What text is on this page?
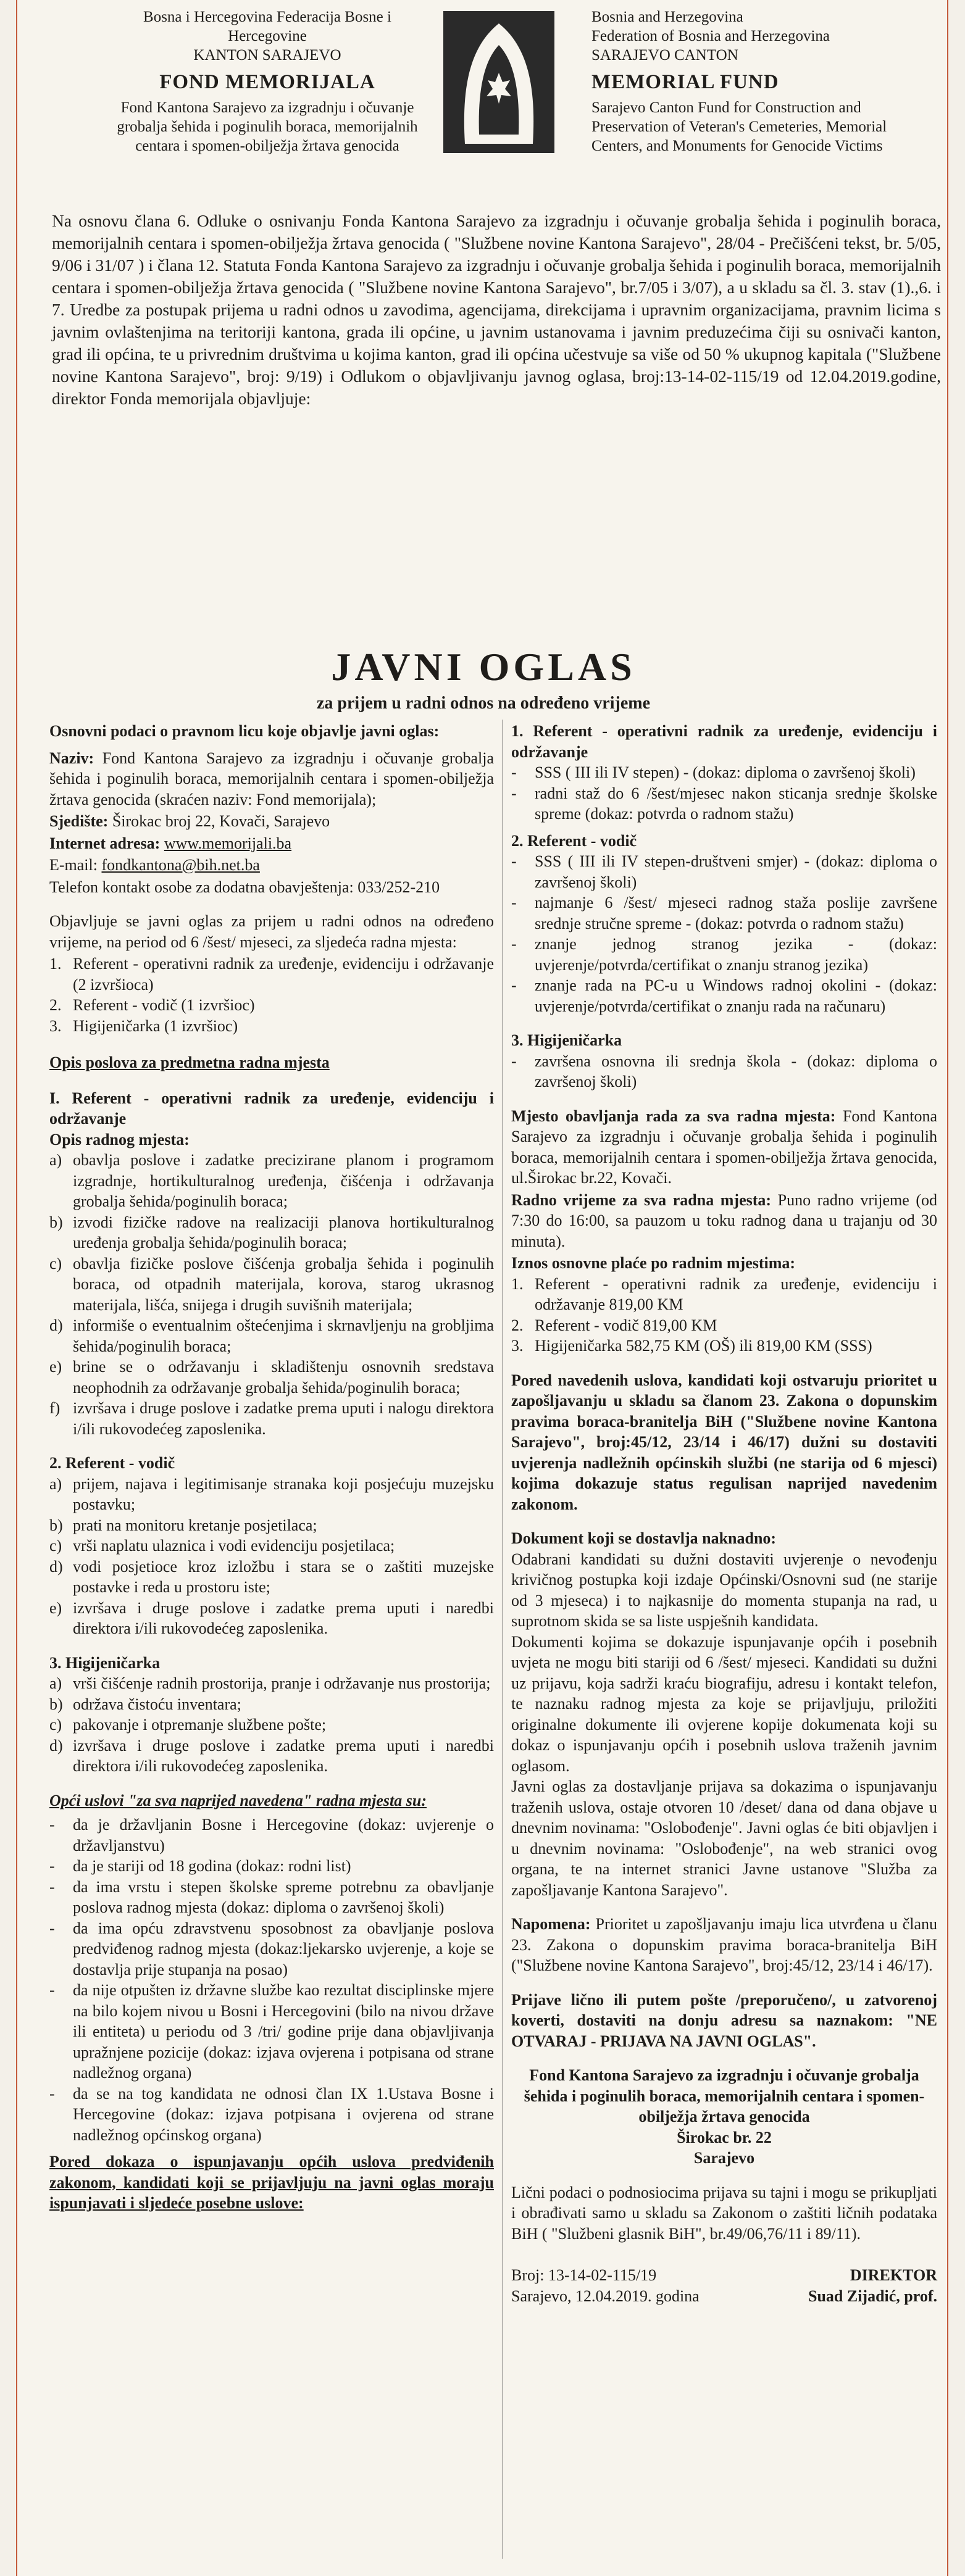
Bosna i Hercegovina Federacija Bosne i
Hercegovine
KANTON SARAJEVO
FOND MEMORIJALA
Fond Kantona Sarajevo za izgradnju i očuvanje grobalja šehida i poginulih boraca, memorijalnih centara i spomen-obilježja žrtava genocida
Bosnia and Herzegovina
Federation of Bosnia and Herzegovina
SARAJEVO CANTON
MEMORIAL FUND
Sarajevo Canton Fund for Construction and Preservation of Veteran's Cemeteries, Memorial Centers, and Monuments for Genocide Victims
Na osnovu člana 6. Odluke o osnivanju Fonda Kantona Sarajevo za izgradnju i očuvanje grobalja šehida i poginulih boraca, memorijalnih centara i spomen-obilježja žrtava genocida ( "Službene novine Kantona Sarajevo", 28/04 - Prečišćeni tekst, br. 5/05, 9/06 i 31/07 ) i člana 12. Statuta Fonda Kantona Sarajevo za izgradnju i očuvanje grobalja šehida i poginulih boraca, memorijalnih centara i spomen-obilježja žrtava genocida ( "Službene novine Kantona Sarajevo", br.7/05 i 3/07), a u skladu sa čl. 3. stav (1).,6. i 7. Uredbe za postupak prijema u radni odnos u zavodima, agencijama, direkcijama i upravnim organizacijama, pravnim licima s javnim ovlaštenjima na teritoriji kantona, grada ili općine, u javnim ustanovama i javnim preduzećima čiji su osnivači kanton, grad ili općina, te u privrednim društvima u kojima kanton, grad ili općina učestvuje sa više od 50 % ukupnog kapitala ("Službene novine Kantona Sarajevo", broj: 9/19) i Odlukom o objavljivanju javnog oglasa, broj:13-14-02-115/19 od 12.04.2019.godine, direktor Fonda memorijala objavljuje:
JAVNI OGLAS
za prijem u radni odnos na određeno vrijeme

Osnovni podaci o pravnom licu koje objavlje javni oglas:

Naziv: Fond Kantona Sarajevo za izgradnju i očuvanje grobalja šehida i poginulih boraca, memorijalnih centara i spomen-obilježja žrtava genocida (skraćen naziv: Fond memorijala);

Sjedište: Širokac broj 22, Kovači, Sarajevo

Internet adresa: www.memorijali.ba

E-mail: fondkantona@bih.net.ba

Telefon kontakt osobe za dodatna obavještenja: 033/252-210

Objavljuje se javni oglas za prijem u radni odnos na određeno vrijeme, na period od 6 /šest/ mjeseci, za sljedeća radna mjesta:

1. Referent - operativni radnik za uređenje, evidenciju i održavanje (2 izvršioca)
2. Referent - vodič (1 izvršioc)
3. Higijeničarka (1 izvršioc)

Opis poslova za predmetna radna mjesta

I. Referent - operativni radnik za uređenje, evidenciju i održavanje

Opis radnog mjesta:

a) obavlja poslove i zadatke precizirane planom i programom izgradnje, hortikulturalnog uređenja, čišćenja i održavanja grobalja šehida/poginulih boraca;
b) izvodi fizičke radove na realizaciji planova hortikulturalnog uređenja grobalja šehida/poginulih boraca;
c) obavlja fizičke poslove čišćenja grobalja šehida i poginulih boraca, od otpadnih materijala, korova, starog ukrasnog materijala, lišća, snijega i drugih suvišnih materijala;
d) informiše o eventualnim oštećenjima i skrnavljenju na grobljima šehida/poginulih boraca;
e) brine se o održavanju i skladištenju osnovnih sredstava neophodnih za održavanje grobalja šehida/poginulih boraca;
f) izvršava i druge poslove i zadatke prema uputi i nalogu direktora i/ili rukovodećeg zaposlenika.

2. Referent - vodič

a) prijem, najava i legitimisanje stranaka koji posjećuju muzejsku postavku;
b) prati na monitoru kretanje posjetilaca;
c) vrši naplatu ulaznica i vodi evidenciju posjetilaca;
d) vodi posjetioce kroz izložbu i stara se o zaštiti muzejske postavke i reda u prostoru iste;
e) izvršava i druge poslove i zadatke prema uputi i naredbi direktora i/ili rukovodećeg zaposlenika.

3. Higijeničarka

a) vrši čišćenje radnih prostorija, pranje i održavanje nus prostorija;
b) održava čistoću inventara;
c) pakovanje i otpremanje službene pošte;
d) izvršava i druge poslove i zadatke prema uputi i naredbi direktora i/ili rukovodećeg zaposlenika.

Opći uslovi "za sva naprijed navedena" radna mjesta su:

-	da je državljanin Bosne i Hercegovine (dokaz: uvjerenje o državljanstvu)
-	da je stariji od 18 godina (dokaz: rodni list)
-	da ima vrstu i stepen školske spreme potrebnu za obavljanje poslova radnog mjesta (dokaz: diploma o završenoj školi)
-	da ima opću zdravstvenu sposobnost za obavljanje poslova predviđenog radnog mjesta (dokaz:ljekarsko uvjerenje, a koje se dostavlja prije stupanja na posao)
-	da nije otpušten iz državne službe kao rezultat disciplinske mjere na bilo kojem nivou u Bosni i Hercegovini (bilo na nivou države ili entiteta) u periodu od 3 /tri/ godine prije dana objavljivanja upražnjene pozicije (dokaz: izjava ovjerena i potpisana od strane nadležnog organa)
-	da se na tog kandidata ne odnosi član IX 1.Ustava Bosne i Hercegovine (dokaz: izjava potpisana i ovjerena od strane nadležnog općinskog organa)

Pored dokaza o ispunjavanju općih uslova predviđenih zakonom, kandidati koji se prijavljuju na javni oglas moraju ispunjavati i sljedeće posebne uslove:

1. Referent - operativni radnik za uređenje, evidenciju i održavanje

-	SSS ( III ili IV stepen) - (dokaz: diploma o završenoj školi)
-	radni staž do 6 /šest/mjesec nakon sticanja srednje školske spreme (dokaz: potvrda o radnom stažu)

2. Referent - vodič

-	SSS ( III ili IV stepen-društveni smjer) - (dokaz: diploma o završenoj školi)
-	najmanje 6 /šest/ mjeseci radnog staža poslije završene srednje stručne spreme - (dokaz: potvrda o radnom stažu)
-	znanje jednog stranog jezika - (dokaz: uvjerenje/potvrda/certifikat o znanju stranog jezika)
-	znanje rada na PC-u u Windows radnoj okolini - (dokaz: uvjerenje/potvrda/certifikat o znanju rada na računaru)

3. Higijeničarka

-	završena osnovna ili srednja škola - (dokaz: diploma o završenoj školi)

Mjesto obavljanja rada za sva radna mjesta: Fond Kantona Sarajevo za izgradnju i očuvanje grobalja šehida i poginulih boraca, memorijalnih centara i spomen-obilježja žrtava genocida, ul.Širokac br.22, Kovači.

Radno vrijeme za sva radna mjesta: Puno radno vrijeme (od 7:30 do 16:00, sa pauzom u toku radnog dana u trajanju od 30 minuta).

Iznos osnovne plaće po radnim mjestima:

1. Referent - operativni radnik za uređenje, evidenciju i održavanje 819,00 KM
2. Referent - vodič 819,00 KM
3. Higijeničarka 582,75 KM (OŠ) ili 819,00 KM (SSS)

Pored navedenih uslova, kandidati koji ostvaruju prioritet u zapošljavanju u skladu sa članom 23. Zakona o dopunskim pravima boraca-branitelja BiH ("Službene novine Kantona Sarajevo", broj:45/12, 23/14 i 46/17) dužni su dostaviti uvjerenja nadležnih općinskih službi (ne starija od 6 mjesci) kojima dokazuje status regulisan naprijed navedenim zakonom.

Dokument koji se dostavlja naknadno:

Odabrani kandidati su dužni dostaviti uvjerenje o nevođenju krivičnog postupka koji izdaje Općinski/Osnovni sud (ne starije od 3 mjeseca) i to najkasnije do momenta stupanja na rad, u suprotnom skida se sa liste uspješnih kandidata.

Dokumenti kojima se dokazuje ispunjavanje općih i posebnih uvjeta ne mogu biti stariji od 6 /šest/ mjeseci. Kandidati su dužni uz prijavu, koja sadrži kraću biografiju, adresu i kontakt telefon, te naznaku radnog mjesta za koje se prijavljuju, priložiti originalne dokumente ili ovjerene kopije dokumenata koji su dokaz o ispunjavanju općih i posebnih uslova traženih javnim oglasom.

Javni oglas za dostavljanje prijava sa dokazima o ispunjavanju traženih uslova, ostaje otvoren 10 /deset/ dana od dana objave u dnevnim novinama: "Oslobođenje". Javni oglas će biti objavljen i u dnevnim novinama: "Oslobođenje", na web stranici ovog organa, te na internet stranici Javne ustanove "Služba za zapošljavanje Kantona Sarajevo".

Napomena: Prioritet u zapošljavanju imaju lica utvrđena u članu 23. Zakona o dopunskim pravima boraca-branitelja BiH ("Službene novine Kantona Sarajevo", broj:45/12, 23/14 i 46/17).

Prijave lično ili putem pošte /preporučeno/, u zatvorenoj koverti, dostaviti na donju adresu sa naznakom: "NE OTVARAJ - PRIJAVA NA JAVNI OGLAS".

Fond Kantona Sarajevo za izgradnju i očuvanje grobalja šehida i poginulih boraca, memorijalnih centara i spomen-obilježja žrtava genocida

Širokac br. 22

Sarajevo

Lični podaci o podnosiocima prijava su tajni i mogu se prikupljati i obrađivati samo u skladu sa Zakonom o zaštiti ličnih podataka BiH ( "Službeni glasnik BiH", br.49/06,76/11 i 89/11).

Broj: 13-14-02-115/19
Sarajevo, 12.04.2019. godina
DIREKTOR
Suad Zijadić, prof.
